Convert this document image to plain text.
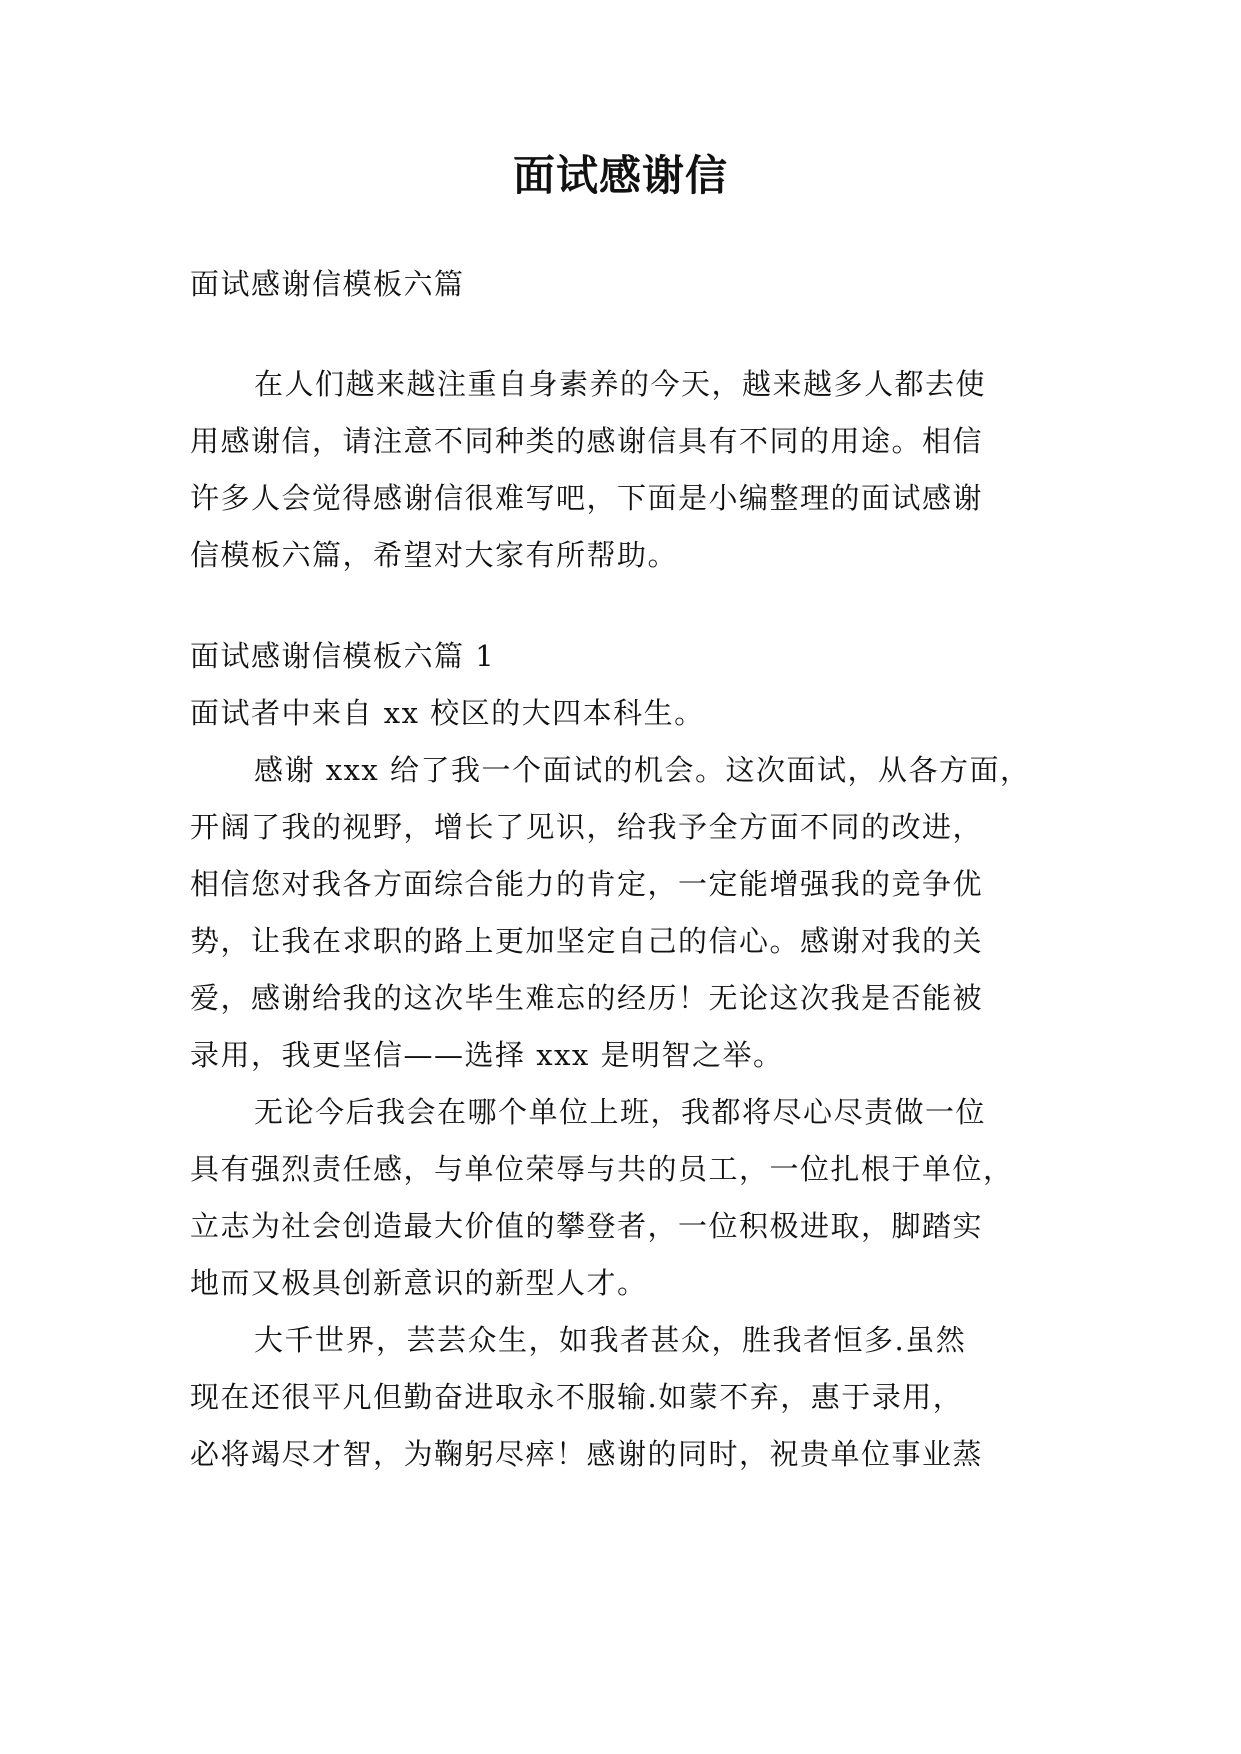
面试感谢信
面试感谢信模板六篇
在人们越来越注重自身素养的今天，越来越多人都去使
用感谢信，请注意不同种类的感谢信具有不同的用途。相信
许多人会觉得感谢信很难写吧，下面是小编整理的面试感谢
信模板六篇，希望对大家有所帮助。
面试感谢信模板六篇 1
面试者中来自 xx 校区的大四本科生。
感谢 xxx 给了我一个面试的机会。这次面试，从各方面，
开阔了我的视野，增长了见识，给我予全方面不同的改进，
相信您对我各方面综合能力的肯定，一定能增强我的竞争优
势，让我在求职的路上更加坚定自己的信心。感谢对我的关
爱，感谢给我的这次毕生难忘的经历！无论这次我是否能被
录用，我更坚信——选择 xxx 是明智之举。
无论今后我会在哪个单位上班，我都将尽心尽责做一位
具有强烈责任感，与单位荣辱与共的员工，一位扎根于单位，
立志为社会创造最大价值的攀登者，一位积极进取，脚踏实
地而又极具创新意识的新型人才。
大千世界，芸芸众生，如我者甚众，胜我者恒多.虽然
现在还很平凡但勤奋进取永不服输.如蒙不弃，惠于录用，
必将竭尽才智，为鞠躬尽瘁！感谢的同时，祝贵单位事业蒸
